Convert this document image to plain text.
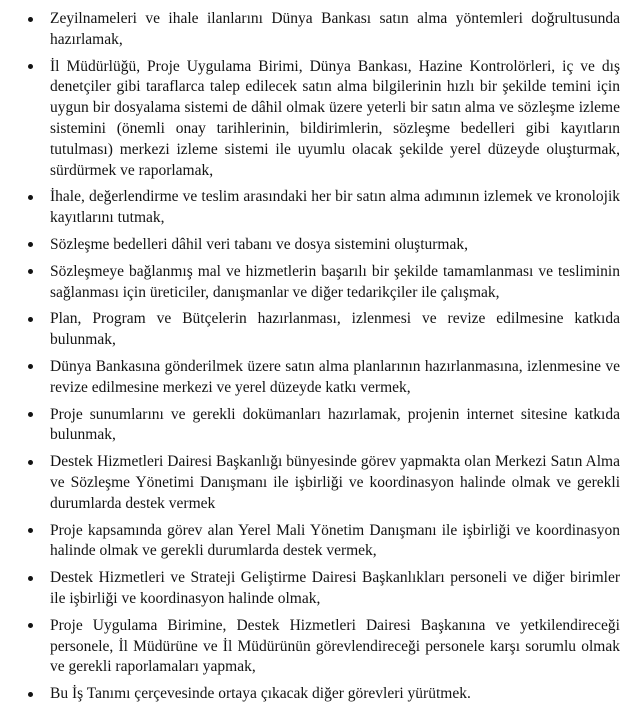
Zeyilnameleri ve ihale ilanlarını Dünya Bankası satın alma yöntemleri doğrultusunda hazırlamak,
İl Müdürlüğü, Proje Uygulama Birimi, Dünya Bankası, Hazine Kontrolörleri, iç ve dış denetçiler gibi taraflarca talep edilecek satın alma bilgilerinin hızlı bir şekilde temini için uygun bir dosyalama sistemi de dâhil olmak üzere yeterli bir satın alma ve sözleşme izleme sistemini (önemli onay tarihlerinin, bildirimlerin, sözleşme bedelleri gibi kayıtların tutulması) merkezi izleme sistemi ile uyumlu olacak şekilde yerel düzeyde oluşturmak, sürdürmek ve raporlamak,
İhale, değerlendirme ve teslim arasındaki her bir satın alma adımının izlemek ve kronolojik kayıtlarını tutmak,
Sözleşme bedelleri dâhil veri tabanı ve dosya sistemini oluşturmak,
Sözleşmeye bağlanmış mal ve hizmetlerin başarılı bir şekilde tamamlanması ve tesliminin sağlanması için üreticiler, danışmanlar ve diğer tedarikçiler ile çalışmak,
Plan, Program ve Bütçelerin hazırlanması, izlenmesi ve revize edilmesine katkıda bulunmak,
Dünya Bankasına gönderilmek üzere satın alma planlarının hazırlanmasına, izlenmesine ve revize edilmesine merkezi ve yerel düzeyde katkı vermek,
Proje sunumlarını ve gerekli dokümanları hazırlamak, projenin internet sitesine katkıda bulunmak,
Destek Hizmetleri Dairesi Başkanlığı bünyesinde görev yapmakta olan Merkezi Satın Alma ve Sözleşme Yönetimi Danışmanı ile işbirliği ve koordinasyon halinde olmak ve gerekli durumlarda destek vermek
Proje kapsamında görev alan Yerel Mali Yönetim Danışmanı ile işbirliği ve koordinasyon halinde olmak ve gerekli durumlarda destek vermek,
Destek Hizmetleri ve Strateji Geliştirme Dairesi Başkanlıkları personeli ve diğer birimler ile işbirliği ve koordinasyon halinde olmak,
Proje Uygulama Birimine, Destek Hizmetleri Dairesi Başkanına ve yetkilendireceği personele, İl Müdürüne ve İl Müdürünün görevlendireceği personele karşı sorumlu olmak ve gerekli raporlamaları yapmak,
Bu İş Tanımı çerçevesinde ortaya çıkacak diğer görevleri yürütmek.
